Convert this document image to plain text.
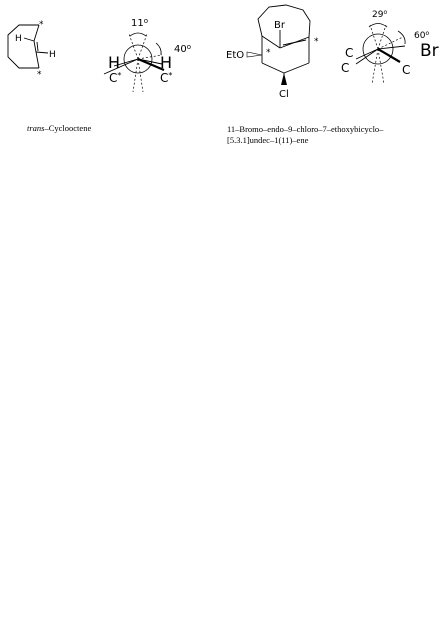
*
*
H
H
11$^o$
40$^o$
H H
C*	C*
trans–Cyclooctene
Br
EtO *
*
Cl
29$^o$
60$^o$
Br
C
C	C
11–Bromo–endo–9–chloro–7–ethoxybicyclo–
[5.3.1]undec–1(11)–ene
